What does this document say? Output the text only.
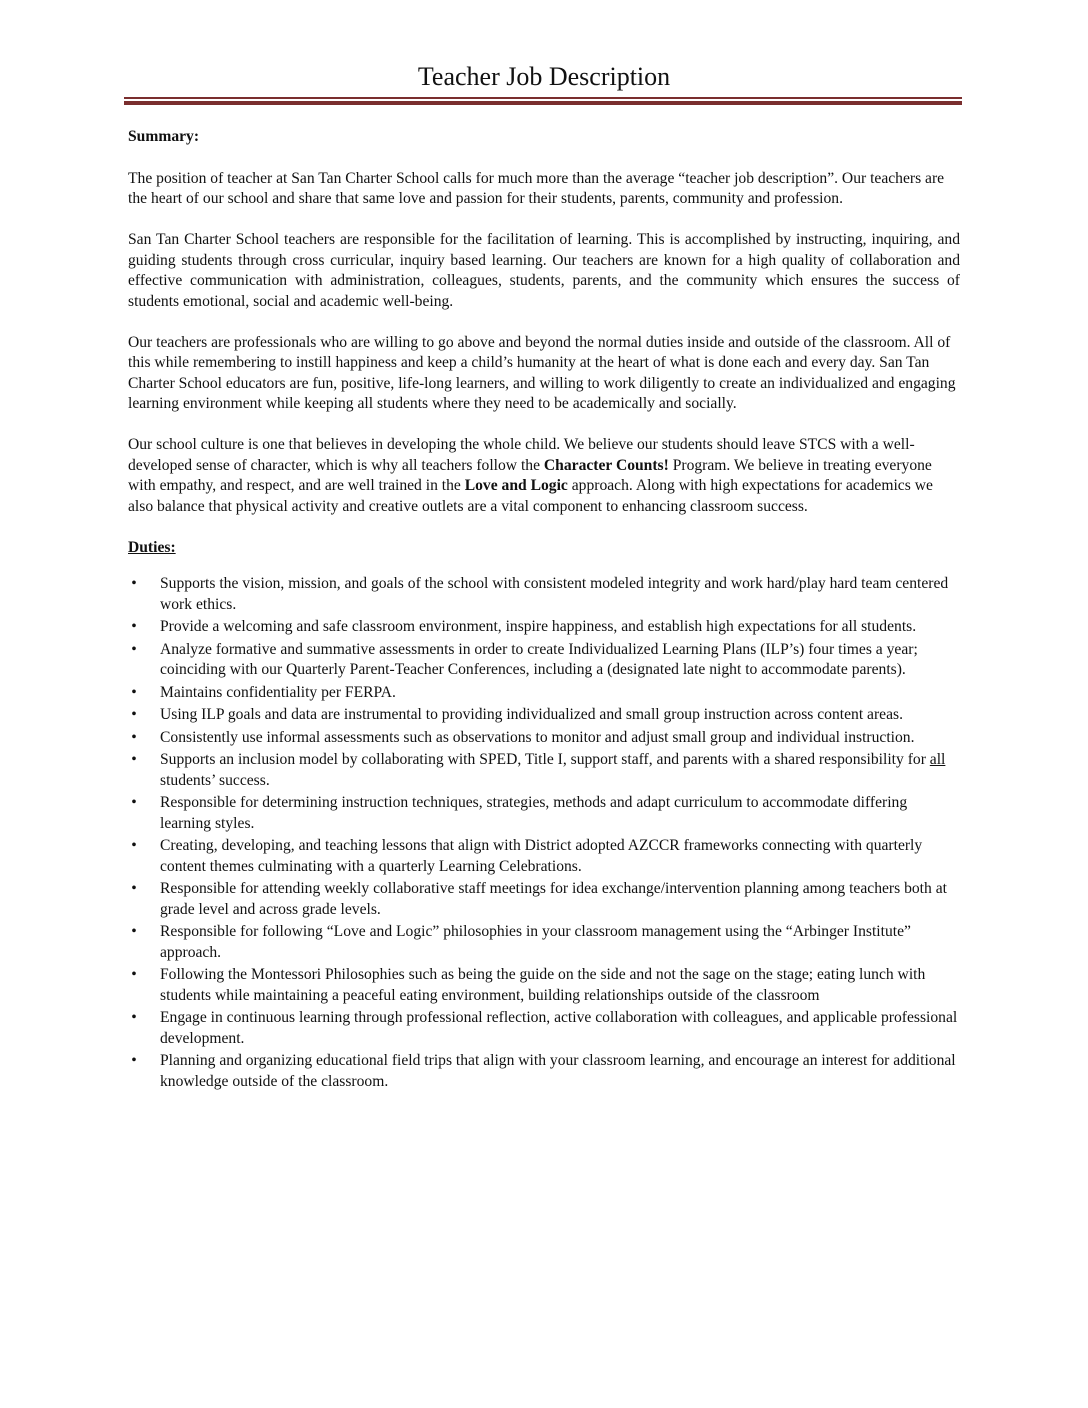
Teacher Job Description

Summary:

The position of teacher at San Tan Charter School calls for much more than the average “teacher job description”. Our teachers are the heart of our school and share that same love and passion for their students, parents, community and profession.

San Tan Charter School teachers are responsible for the facilitation of learning. This is accomplished by instructing, inquiring, and guiding students through cross curricular, inquiry based learning. Our teachers are known for a high quality of collaboration and effective communication with administration, colleagues, students, parents, and the community which ensures the success of students emotional, social and academic well-being.

Our teachers are professionals who are willing to go above and beyond the normal duties inside and outside of the classroom. All of this while remembering to instill happiness and keep a child’s humanity at the heart of what is done each and every day. San Tan Charter School educators are fun, positive, life-long learners, and willing to work diligently to create an individualized and engaging learning environment while keeping all students where they need to be academically and socially.

Our school culture is one that believes in developing the whole child. We believe our students should leave STCS with a well-developed sense of character, which is why all teachers follow the Character Counts! Program. We believe in treating everyone with empathy, and respect, and are well trained in the Love and Logic approach. Along with high expectations for academics we also balance that physical activity and creative outlets are a vital component to enhancing classroom success.

Duties:

• Supports the vision, mission, and goals of the school with consistent modeled integrity and work hard/play hard team centered work ethics.
• Provide a welcoming and safe classroom environment, inspire happiness, and establish high expectations for all students.
• Analyze formative and summative assessments in order to create Individualized Learning Plans (ILP’s) four times a year; coinciding with our Quarterly Parent-Teacher Conferences, including a (designated late night to accommodate parents).
• Maintains confidentiality per FERPA.
• Using ILP goals and data are instrumental to providing individualized and small group instruction across content areas.
• Consistently use informal assessments such as observations to monitor and adjust small group and individual instruction.
• Supports an inclusion model by collaborating with SPED, Title I, support staff, and parents with a shared responsibility for all students’ success.
• Responsible for determining instruction techniques, strategies, methods and adapt curriculum to accommodate differing learning styles.
• Creating, developing, and teaching lessons that align with District adopted AZCCR frameworks connecting with quarterly content themes culminating with a quarterly Learning Celebrations.
• Responsible for attending weekly collaborative staff meetings for idea exchange/intervention planning among teachers both at grade level and across grade levels.
• Responsible for following “Love and Logic” philosophies in your classroom management using the “Arbinger Institute” approach.
• Following the Montessori Philosophies such as being the guide on the side and not the sage on the stage; eating lunch with students while maintaining a peaceful eating environment, building relationships outside of the classroom
• Engage in continuous learning through professional reflection, active collaboration with colleagues, and applicable professional development.
• Planning and organizing educational field trips that align with your classroom learning, and encourage an interest for additional knowledge outside of the classroom.
